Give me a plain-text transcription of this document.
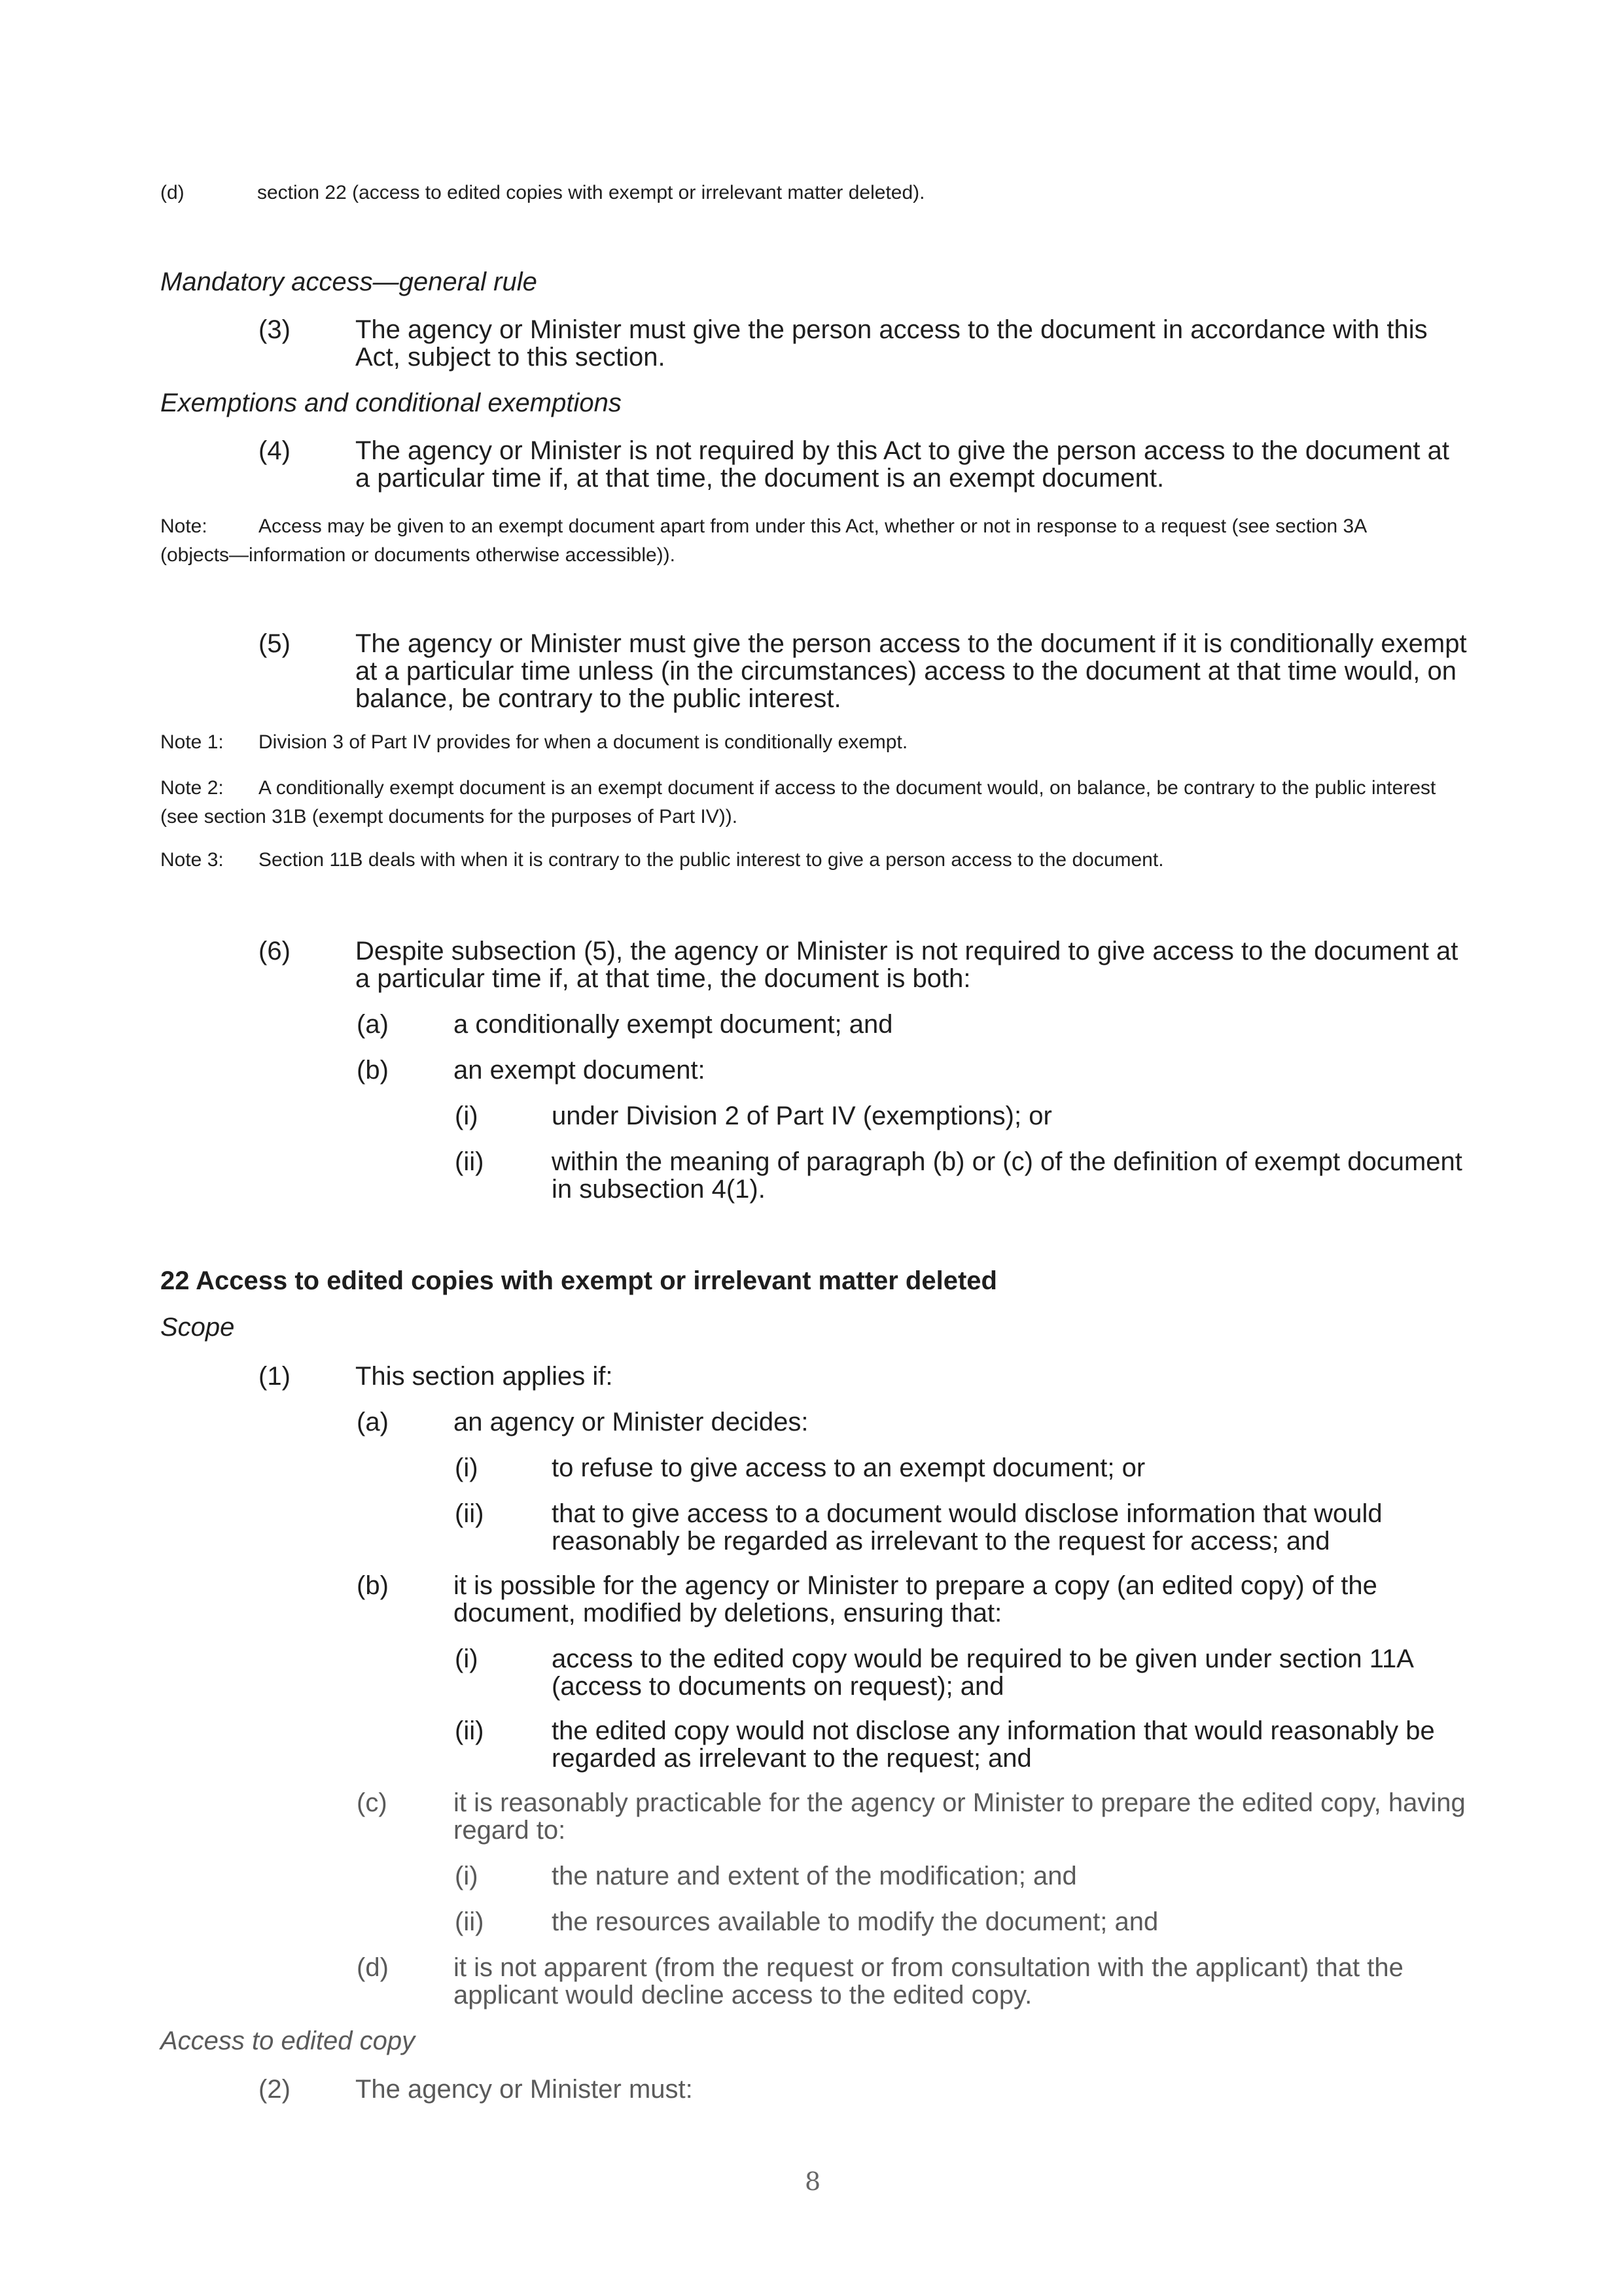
(d)	section 22 (access to edited copies with exempt or irrelevant matter deleted).
Mandatory access—general rule
(3) The agency or Minister must give the person access to the document in accordance with this Act, subject to this section.
Exemptions and conditional exemptions
(4) The agency or Minister is not required by this Act to give the person access to the document at a particular time if, at that time, the document is an exempt document.
Note:	Access may be given to an exempt document apart from under this Act, whether or not in response to a request (see section 3A (objects—information or documents otherwise accessible)).
(5) The agency or Minister must give the person access to the document if it is conditionally exempt at a particular time unless (in the circumstances) access to the document at that time would, on balance, be contrary to the public interest.
Note 1:	Division 3 of Part IV provides for when a document is conditionally exempt.
Note 2:	A conditionally exempt document is an exempt document if access to the document would, on balance, be contrary to the public interest (see section 31B (exempt documents for the purposes of Part IV)).
Note 3:	Section 11B deals with when it is contrary to the public interest to give a person access to the document.
(6) Despite subsection (5), the agency or Minister is not required to give access to the document at a particular time if, at that time, the document is both:
(a) a conditionally exempt document; and
(b) an exempt document:
(i)	under Division 2 of Part IV (exemptions); or
(ii)	within the meaning of paragraph (b) or (c) of the definition of exempt document in subsection 4(1).
22 Access to edited copies with exempt or irrelevant matter deleted
Scope
(1) This section applies if:
(a) an agency or Minister decides:
(i)	to refuse to give access to an exempt document; or
(ii)	that to give access to a document would disclose information that would reasonably be regarded as irrelevant to the request for access; and
(b) it is possible for the agency or Minister to prepare a copy (an edited copy) of the document, modified by deletions, ensuring that:
(i)	access to the edited copy would be required to be given under section 11A (access to documents on request); and
(ii)	the edited copy would not disclose any information that would reasonably be regarded as irrelevant to the request; and
(c)	it is reasonably practicable for the agency or Minister to prepare the edited copy, having regard to:
(i)	the nature and extent of the modification; and
(ii)	the resources available to modify the document; and
(d) it is not apparent (from the request or from consultation with the applicant) that the applicant would decline access to the edited copy.
Access to edited copy
(2) The agency or Minister must:
8
